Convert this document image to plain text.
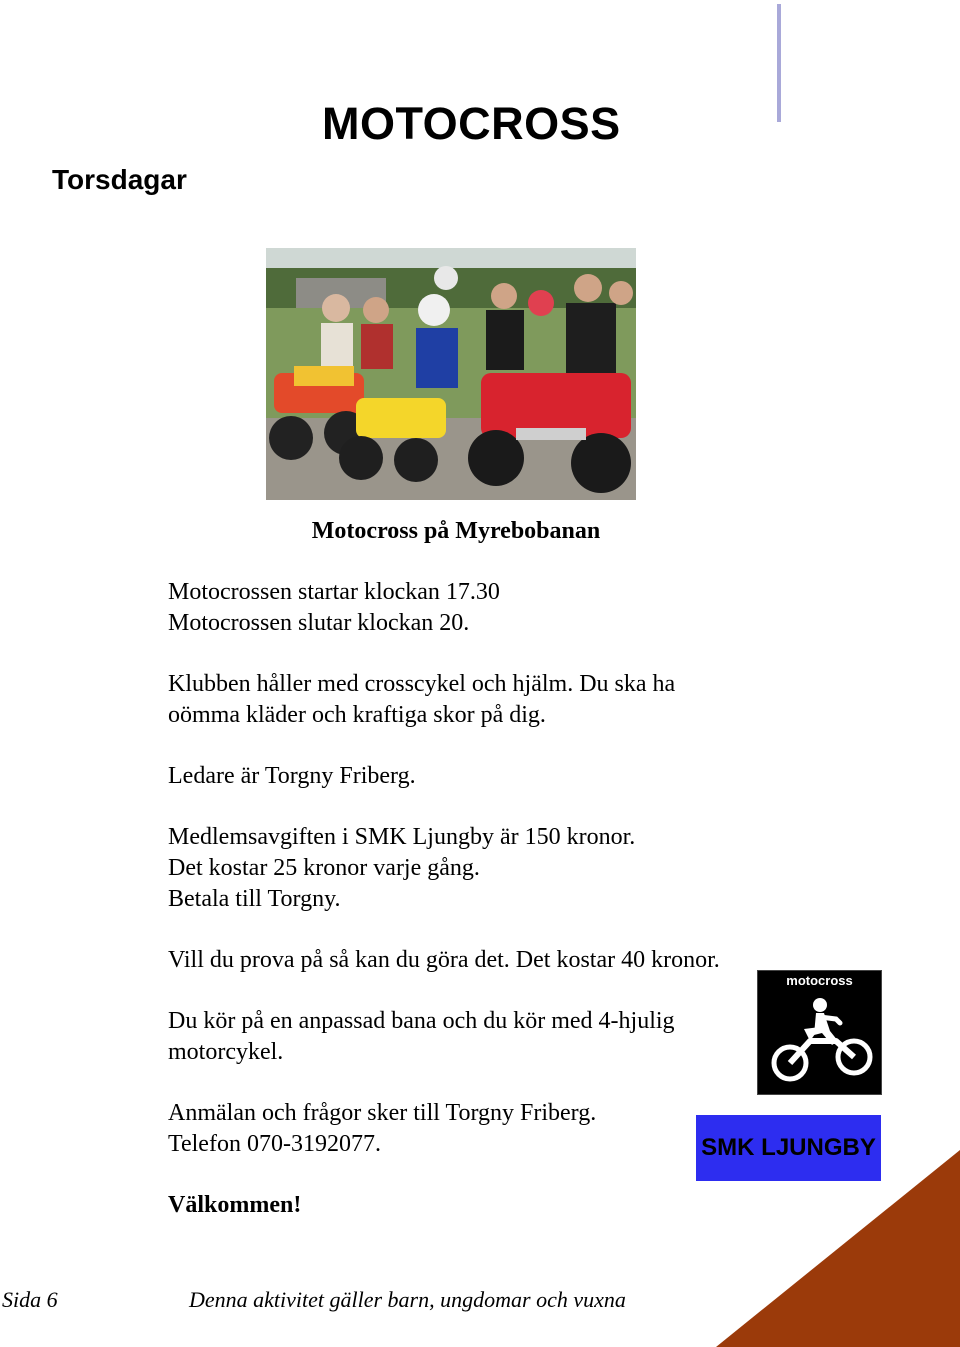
Torsdagar
MOTOCROSS
Motocross på Myrebobanan

Motocrossen startar klockan 17.30
Motocrossen slutar klockan 20.

Klubben håller med crosscykel och hjälm. Du ska ha oömma kläder och kraftiga skor på dig.

Ledare är Torgny Friberg.

Medlemsavgiften i SMK Ljungby är 150 kronor.
Det kostar 25 kronor varje gång.
Betala till Torgny.

Vill du prova på så kan du göra det. Det kostar 40 kronor.

Du kör på en anpassad bana och du kör med 4-hjulig motorcykel.

Anmälan och frågor sker till Torgny Friberg.
Telefon 070-3192077.

Välkommen!

motocross
SMK LJUNGBY
Sida 6	Denna aktivitet gäller barn, ungdomar och vuxna
